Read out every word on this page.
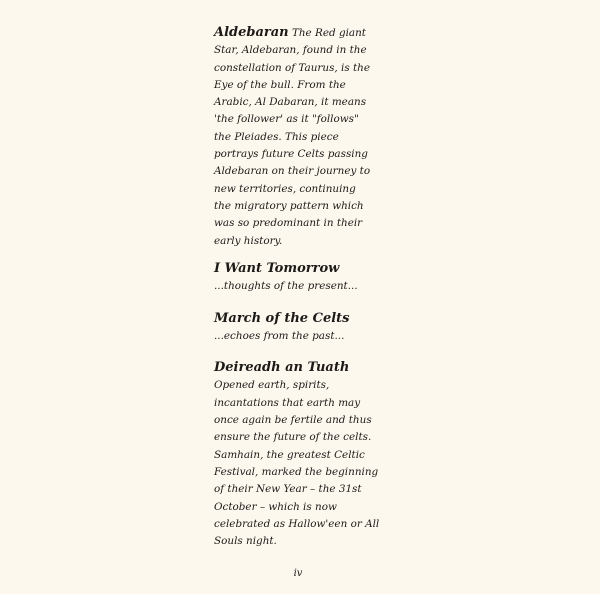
Aldebaran The Red giant
Star, Aldebaran, found in the
constellation of Taurus, is the
Eye of the bull. From the
Arabic, Al Dabaran, it means
'the follower' as it "follows"
the Pleiades. This piece
portrays future Celts passing
Aldebaran on their journey to
new territories, continuing
the migratory pattern which
was so predominant in their
early history.
I Want Tomorrow
...thoughts of the present...
March of the Celts
...echoes from the past...
Deireadh an Tuath
Opened earth, spirits,
incantations that earth may
once again be fertile and thus
ensure the future of the celts.
Samhain, the greatest Celtic
Festival, marked the beginning
of their New Year – the 31st
October – which is now
celebrated as Hallow'een or All
Souls night.
iv
